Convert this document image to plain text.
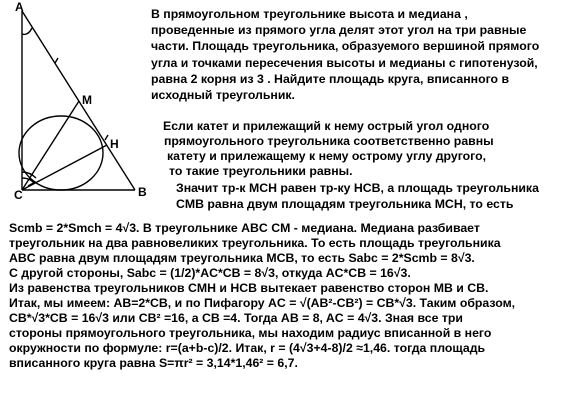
A
M
H
C	B
В прямоугольном треугольнике высота и медиана ,
проведенные из прямого угла делят этот угол на три равные
части. Площадь треугольника, образуемого вершиной прямого
угла и точками пересечения высоты и медианы с гипотенузой,
равна 2 корня из 3 . Найдите площадь круга, вписанного в
исходный треугольник.
Если катет и прилежащий к нему острый угол одного
прямоугольного треугольника соответственно равны
катету и прилежащему к нему острому углу другого,
то такие треугольники равны.
Значит тр-к MCH равен тр-ку HCB, а площадь треугольника
CMB равна двум площадям треугольника MCH, то есть
Scmb = 2*Smch = 4√3. В треугольнике ABC CM - медиана. Медиана разбивает
треугольник на два равновеликих треугольника. То есть площадь треугольника
ABC равна двум площадям треугольника MCB, то есть Sabc = 2*Scmb = 8√3.
С другой стороны, Sabc = (1/2)*AC*CB = 8√3, откуда AC*CB = 16√3.
Из равенства треугольников CMH и HCB вытекает равенство сторон MB и CB.
Итак, мы имеем: AB=2*CB, и по Пифагору AC = √(AB²-CB²) = CB*√3. Таким образом,
CB*√3*CB = 16√3 или CB² =16, а CB =4. Тогда AB = 8, AC = 4√3. Зная все три
стороны прямоугольного треугольника, мы находим радиус вписанной в него
окружности по формуле: r=(a+b-c)/2. Итак, r = (4√3+4-8)/2 ≈1,46. тогда площадь
вписанного круга равна S=πr² = 3,14*1,46² = 6,7.
